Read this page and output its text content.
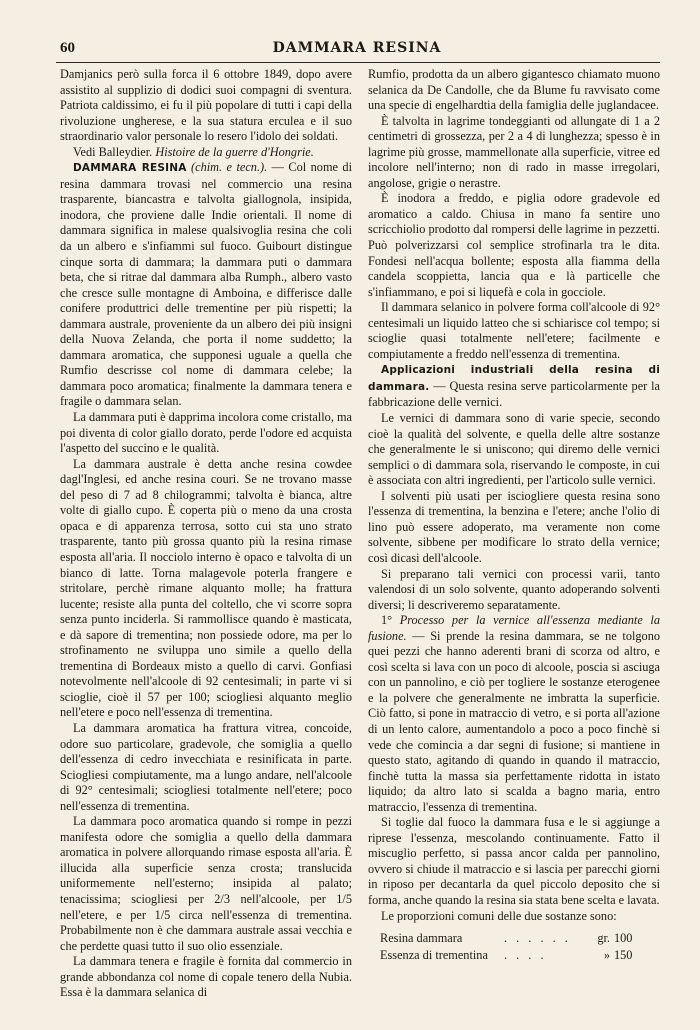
60	DAMMARA RESINA

Damjanics però sulla forca il 6 ottobre 1849, dopo avere assistito al supplizio di dodici suoi compagni di sventura. Patriota caldissimo, ei fu il più popolare di tutti i capi della rivoluzione ungherese, e la sua statura erculea e il suo straordinario valor personale lo resero l'idolo dei soldati.

Vedi Balleydier. Histoire de la guerre d'Hongrie.

DAMMARA RESINA (chim. e tecn.). — Col nome di resina dammara trovasi nel commercio una resina trasparente, biancastra e talvolta giallognola, insipida, inodora, che proviene dalle Indie orientali. Il nome di dammara significa in malese qualsivoglia resina che coli da un albero e s'infiammi sul fuoco. Guibourt distingue cinque sorta di dammara; la dammara puti o dammara beta, che si ritrae dal dammara alba Rumph., albero vasto che cresce sulle montagne di Amboina, e differisce dalle conifere produttrici delle trementine per più rispetti; la dammara australe, proveniente da un albero dei più insigni della Nuova Zelanda, che porta il nome suddetto; la dammara aromatica, che supponesi uguale a quella che Rumfio descrisse col nome di dammara celebe; la dammara poco aromatica; finalmente la dammara tenera e fragile o dammara selan.

La dammara puti è dapprima incolora come cristallo, ma poi diventa di color giallo dorato, perde l'odore ed acquista l'aspetto del succino e le qualità.

La dammara australe è detta anche resina cowdee dagl'Inglesi, ed anche resina couri. Se ne trovano masse del peso di 7 ad 8 chilogrammi; talvolta è bianca, altre volte di giallo cupo. È coperta più o meno da una crosta opaca e di apparenza terrosa, sotto cui sta uno strato trasparente, tanto più grossa quanto più la resina rimase esposta all'aria. Il nocciolo interno è opaco e talvolta di un bianco di latte. Torna malagevole poterla frangere e stritolare, perchè rimane alquanto molle; ha frattura lucente; resiste alla punta del coltello, che vi scorre sopra senza punto inciderla. Si rammollisce quando è masticata, e dà sapore di trementina; non possiede odore, ma per lo strofinamento ne sviluppa uno simile a quello della trementina di Bordeaux misto a quello di carvi. Gonfiasi notevolmente nell'alcoole di 92 centesimali; in parte vi si scioglie, cioè il 57 per 100; sciogliesi alquanto meglio nell'etere e poco nell'essenza di trementina.

La dammara aromatica ha frattura vitrea, concoide, odore suo particolare, gradevole, che somiglia a quello dell'essenza di cedro invecchiata e resinificata in parte. Sciogliesi compiutamente, ma a lungo andare, nell'alcoole di 92° centesimali; sciogliesi totalmente nell'etere; poco nell'essenza di trementina.

La dammara poco aromatica quando si rompe in pezzi manifesta odore che somiglia a quello della dammara aromatica in polvere allorquando rimase esposta all'aria. È illucida alla superficie senza crosta; translucida uniformemente nell'esterno; insipida al palato; tenacissima; sciogliesi per 2/3 nell'alcoole, per 1/5 nell'etere, e per 1/5 circa nell'essenza di trementina. Probabilmente non è che dammara australe assai vecchia e che perdette quasi tutto il suo olio essenziale.

La dammara tenera e fragile è fornita dal commercio in grande abbondanza col nome di copale tenero della Nubia. Essa è la dammara selanica di

Rumfio, prodotta da un albero gigantesco chiamato muono selanica da De Candolle, che da Blume fu ravvisato come una specie di engelhardtia della famiglia delle juglandacee.

È talvolta in lagrime tondeggianti od allungate di 1 a 2 centimetri di grossezza, per 2 a 4 di lunghezza; spesso è in lagrime più grosse, mammellonate alla superficie, vitree ed incolore nell'interno; non di rado in masse irregolari, angolose, grigie o nerastre.

È inodora a freddo, e piglia odore gradevole ed aromatico a caldo. Chiusa in mano fa sentire uno scricchiolio prodotto dal rompersi delle lagrime in pezzetti. Può polverizzarsi col semplice strofinarla tra le dita. Fondesi nell'acqua bollente; esposta alla fiamma della candela scoppietta, lancia qua e là particelle che s'infiammano, e poi si liquefà e cola in gocciole.

Il dammara selanico in polvere forma coll'alcoole di 92° centesimali un liquido latteo che si schiarisce col tempo; si scioglie quasi totalmente nell'etere; facilmente e compiutamente a freddo nell'essenza di trementina.

Applicazioni industriali della resina di dammara. — Questa resina serve particolarmente per la fabbricazione delle vernici.

Le vernici di dammara sono di varie specie, secondo cioè la qualità del solvente, e quella delle altre sostanze che generalmente le si uniscono; qui diremo delle vernici semplici o di dammara sola, riservando le composte, in cui è associata con altri ingredienti, per l'articolo sulle vernici.

I solventi più usati per iscioglierе questa resina sono l'essenza di trementina, la benzina e l'etere; anche l'olio di lino può essere adoperato, ma veramente non come solvente, sibbene per modificare lo strato della vernice; così dicasi dell'alcoole.

Si preparano tali vernici con processi varii, tanto valendosi di un solo solvente, quanto adoperando solventi diversi; li descriveremo separatamente.

1° Processo per la vernice all'essenza mediante la fusione. — Si prende la resina dammara, se ne tolgono quei pezzi che hanno aderenti brani di scorza od altro, e così scelta si lava con un poco di alcoole, poscia si asciuga con un pannolino, e ciò per togliere le sostanze eterogenee e la polvere che generalmente ne imbratta la superficie. Ciò fatto, si pone in matraccio di vetro, e si porta all'azione di un lento calore, aumentandolo a poco a poco finchè si vede che comincia a dar segni di fusione; si mantiene in questo stato, agitando di quando in quando il matraccio, finchè tutta la massa sia perfettamente ridotta in istato liquido; da altro lato si scalda a bagno maria, entro matraccio, l'essenza di trementina.

Si toglie dal fuoco la dammara fusa e le si aggiunge a riprese l'essenza, mescolando continuamente. Fatto il miscuglio perfetto, si passa ancor calda per pannolino, ovvero si chiude il matraccio e si lascia per parecchi giorni in riposo per decantarla da quel piccolo deposito che si forma, anche quando la resina sia stata bene scelta e lavata.

Le proporzioni comuni delle due sostanze sono:

Resina dammara	. . . . . .	gr. 100
Essenza di trementina	. . . .	» 150
